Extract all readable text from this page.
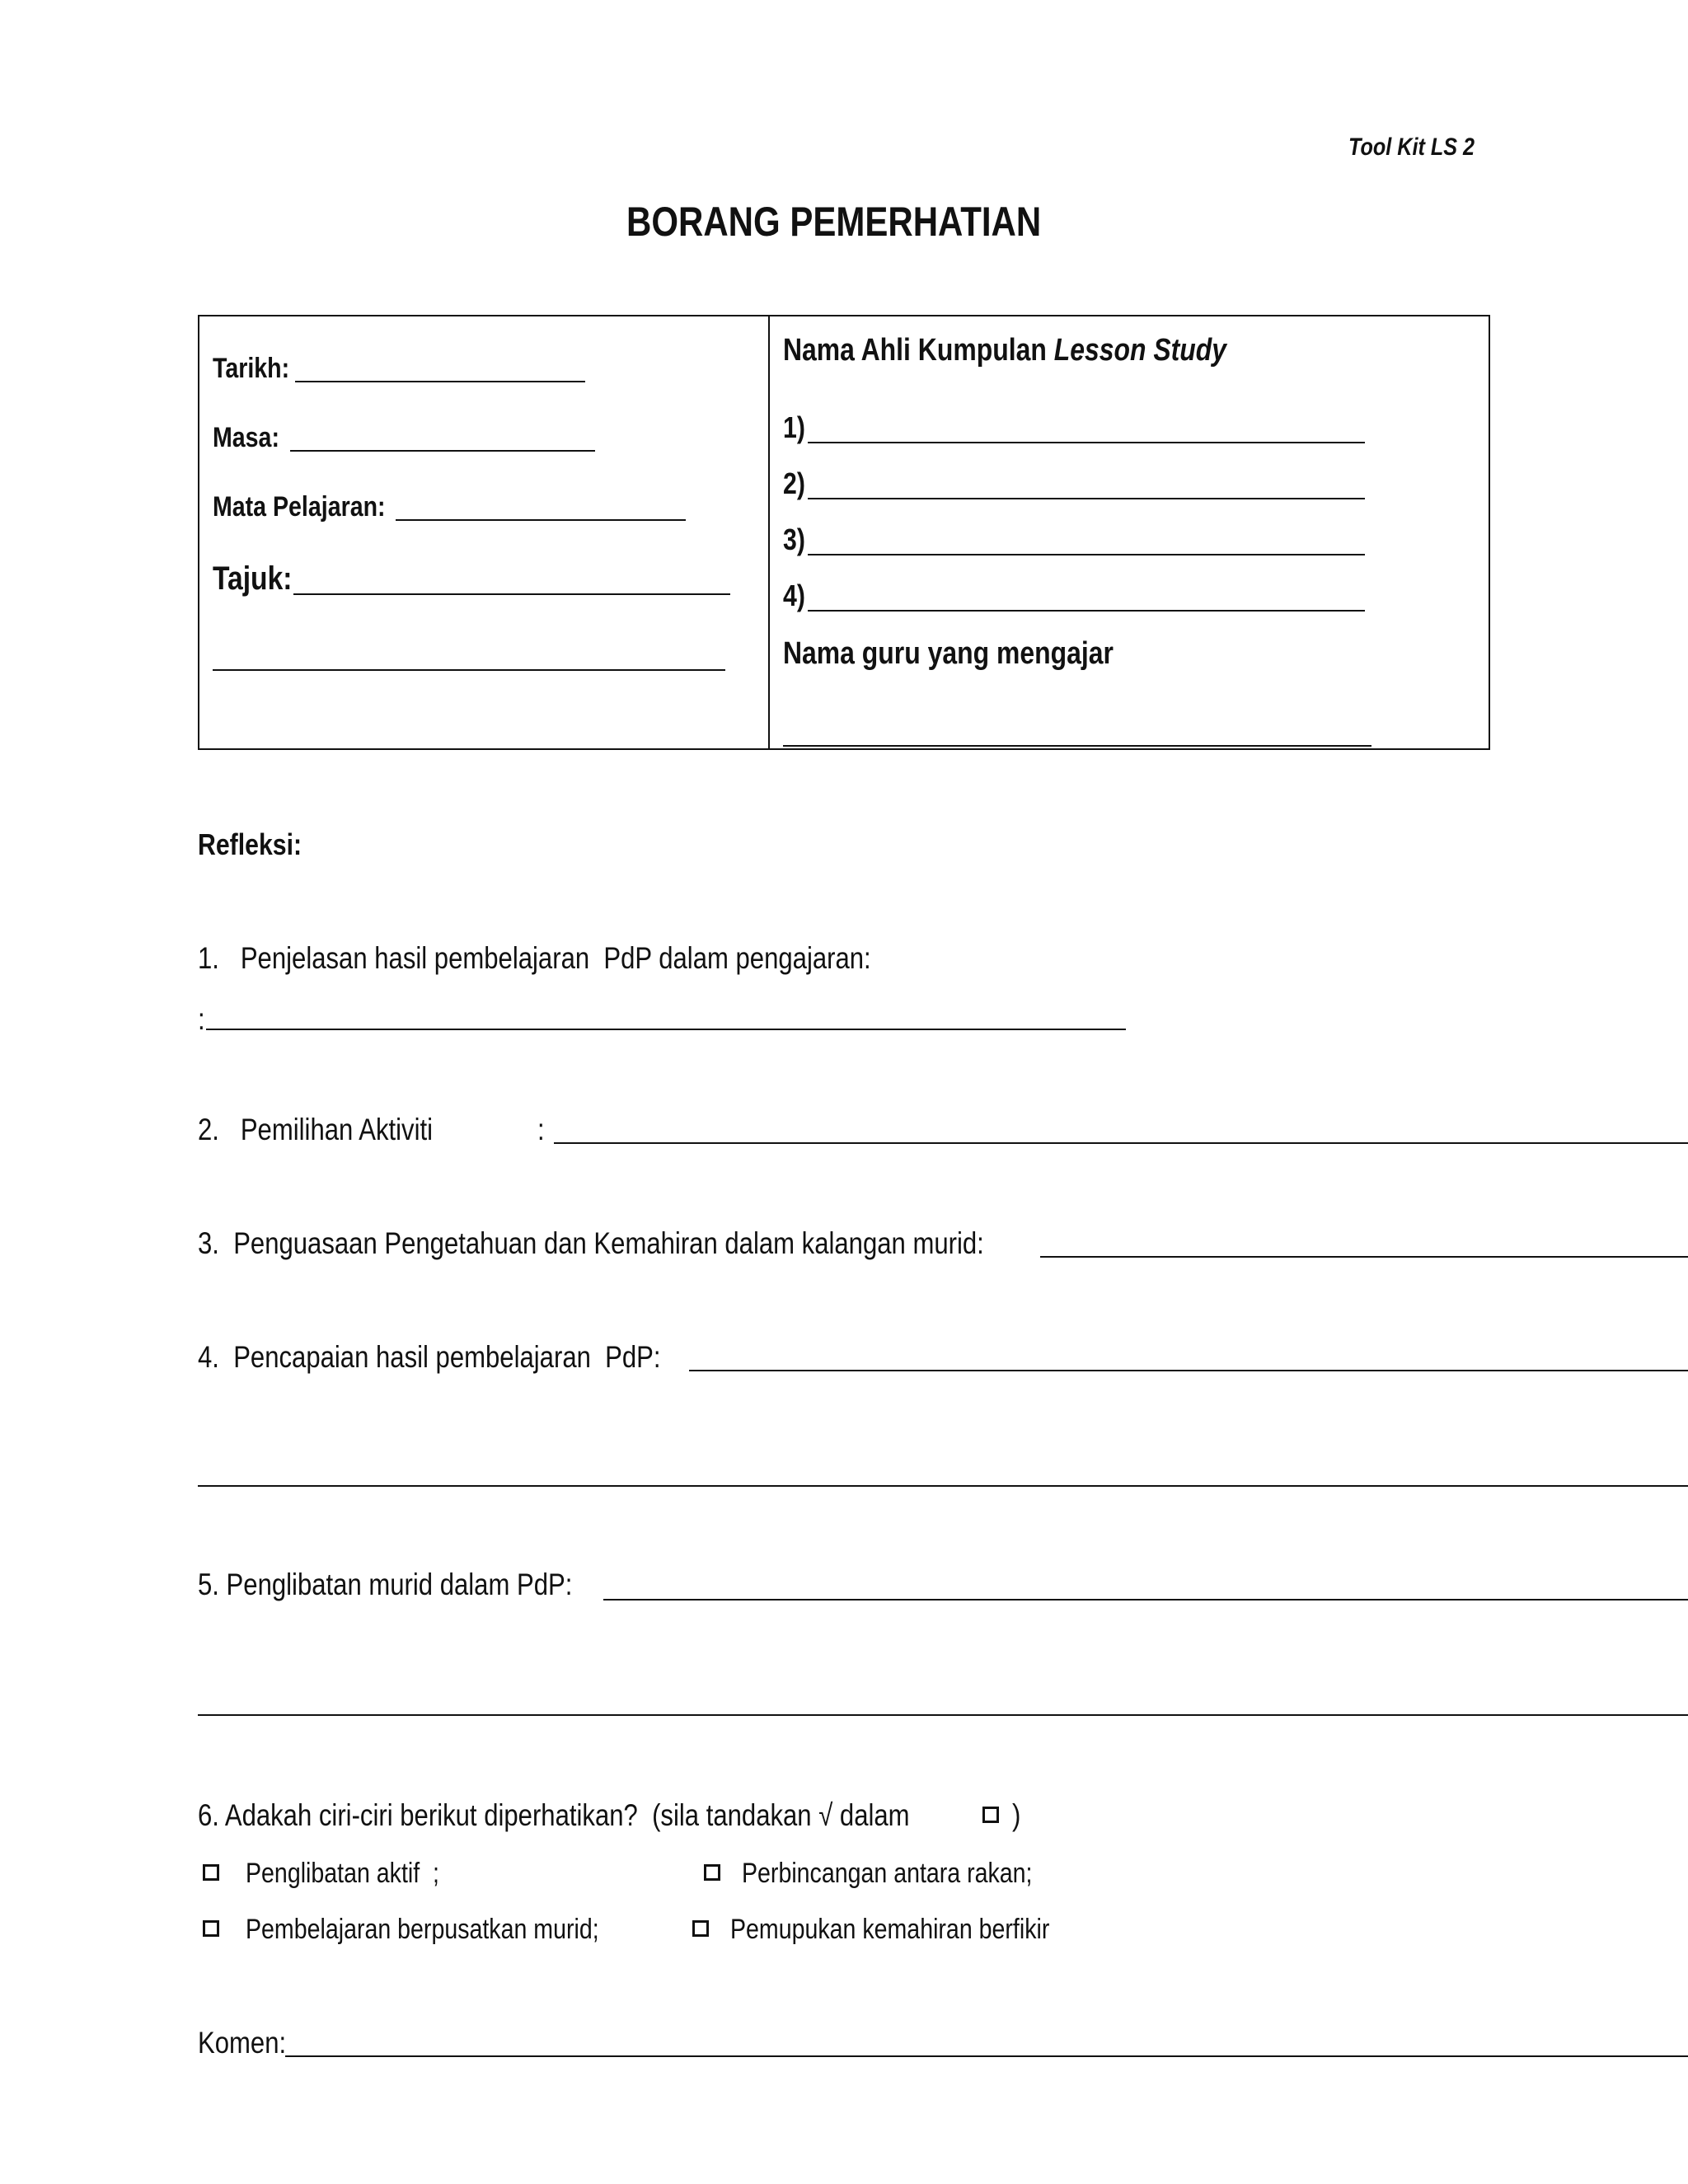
Tool Kit LS 2
BORANG PEMERHATIAN
Tarikh:
Masa:
Mata Pelajaran:
Tajuk:
Nama Ahli Kumpulan Lesson Study
1)
2)
3)
4)
Nama guru yang mengajar
Refleksi:
1.   Penjelasan hasil pembelajaran  PdP dalam pengajaran:
:
2.   Pemilihan Aktiviti	:
3.  Penguasaan Pengetahuan dan Kemahiran dalam kalangan murid:
4.  Pencapaian hasil pembelajaran  PdP:
5. Penglibatan murid dalam PdP:
6. Adakah ciri-ciri berikut diperhatikan?  (sila tandakan √ dalam	)
Penglibatan aktif  ;	Perbincangan antara rakan;
Pembelajaran berpusatkan murid;	Pemupukan kemahiran berfikir
Komen:
